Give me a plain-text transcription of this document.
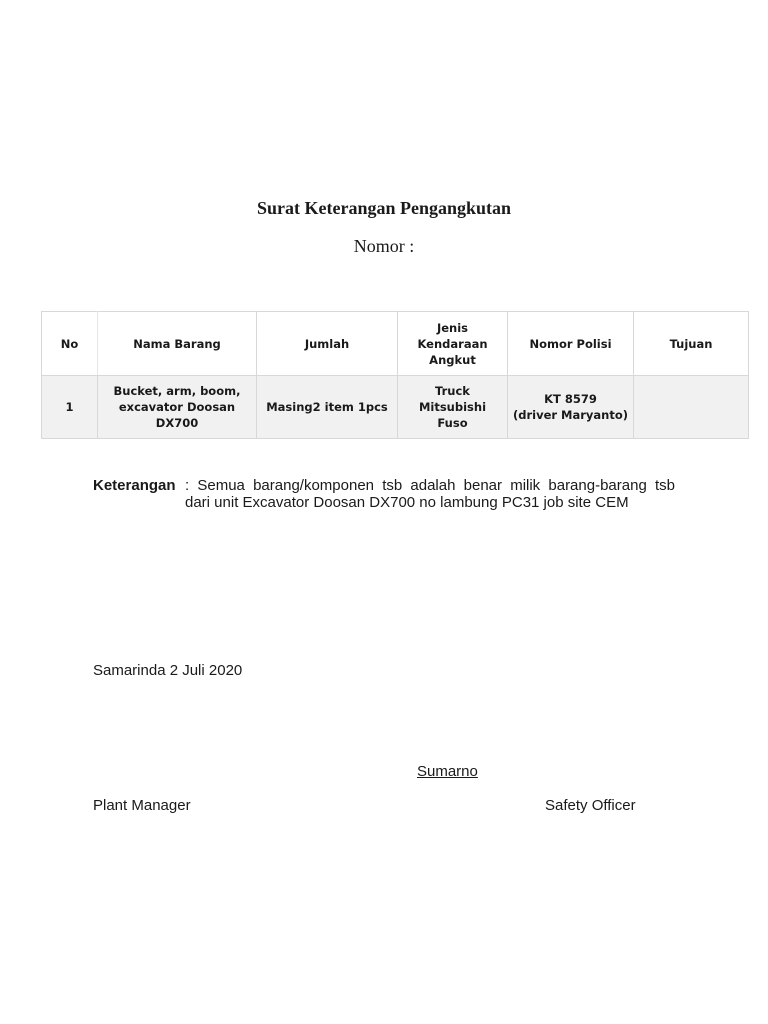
Surat Keterangan Pengangkutan
Nomor :
No	Nama Barang	Jumlah	Jenis Kendaraan Angkut	Nomor Polisi	Tujuan
1	Bucket, arm, boom, excavator Doosan DX700	Masing2 item 1pcs	Truck Mitsubishi Fuso	KT 8579
(driver Maryanto)	

Keterangan : Semua barang/komponen tsb adalah benar milik barang-barang tsb
dari unit Excavator Doosan DX700 no lambung PC31 job site CEM
Samarinda 2 Juli 2020
Sumarno
Plant Manager	Safety Officer
